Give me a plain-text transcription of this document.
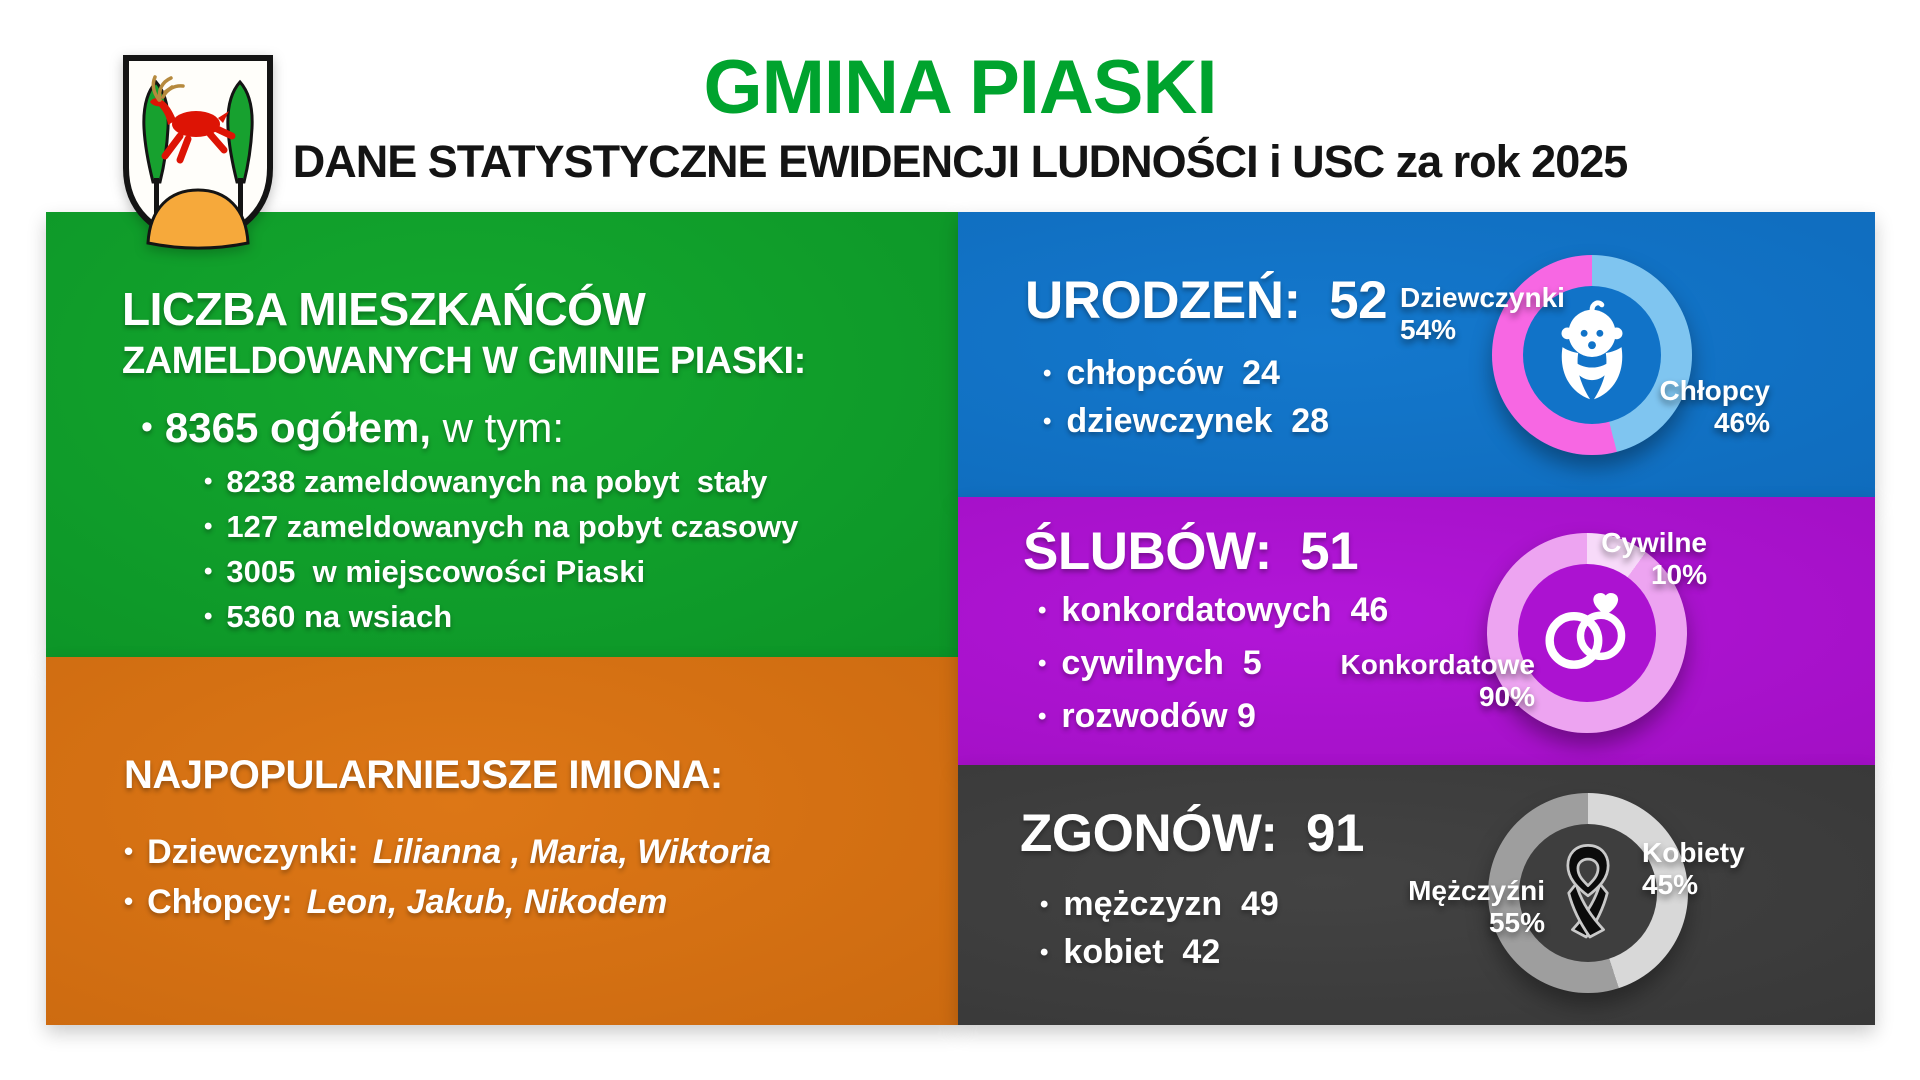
GMINA PIASKI
DANE STATYSTYCZNE EWIDENCJI LUDNOŚCI i USC za rok 2025
LICZBA MIESZKAŃCÓW
ZAMELDOWANYCH W GMINIE PIASKI:
• 8365 ogółem, w tym:
• 8238 zameldowanych na pobyt  stały
• 127 zameldowanych na pobyt czasowy
• 3005  w miejscowości Piaski
• 5360 na wsiach
NAJPOPULARNIEJSZE IMIONA:
• Dziewczynki: Lilianna , Maria, Wiktoria
• Chłopcy: Leon, Jakub, Nikodem
URODZEŃ:  52
• chłopców  24
• dziewczynek  28
Dziewczynki
54%
Chłopcy
46%
ŚLUBÓW:  51
• konkordatowych  46
• cywilnych  5
• rozwodów 9
Cywilne
10%
Konkordatowe
90%
ZGONÓW:  91
• mężczyzn  49
• kobiet  42
Kobiety
45%
Mężczyźni
55%
